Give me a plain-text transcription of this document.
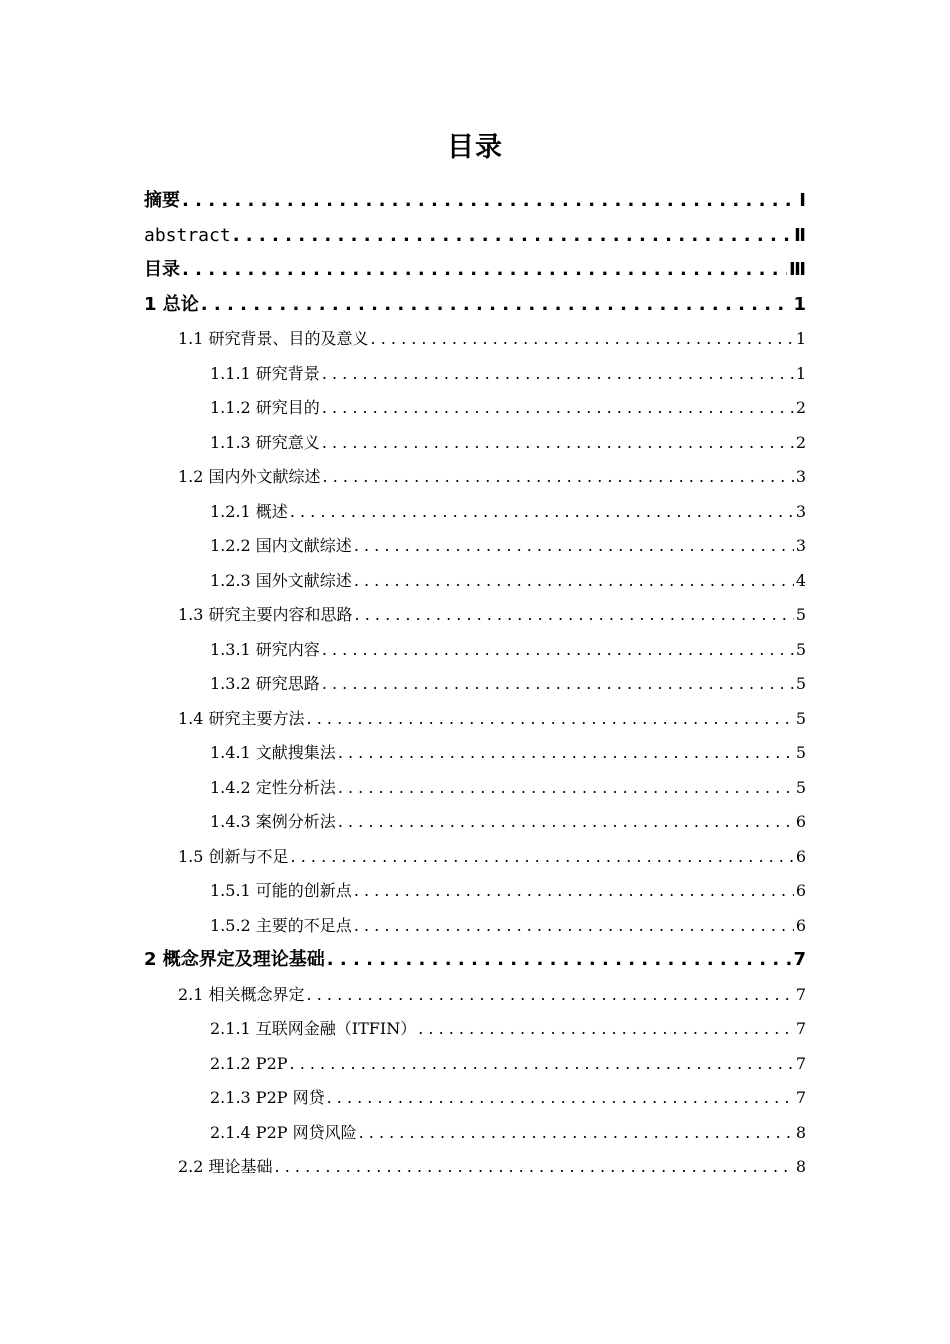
目录
摘要 . . .	Ⅰ
abstract . . .	Ⅱ
目录 . . .	Ⅲ
1 总论 . . .	1
1.1 研究背景、目的及意义 . . .	1
1.1.1 研究背景 . . .	1
1.1.2 研究目的 . . .	2
1.1.3 研究意义 . . .	2
1.2 国内外文献综述 . . .	3
1.2.1 概述 . . .	3
1.2.2 国内文献综述 . . .	3
1.2.3 国外文献综述 . . .	4
1.3 研究主要内容和思路 . . .	5
1.3.1 研究内容 . . .	5
1.3.2 研究思路 . . .	5
1.4 研究主要方法 . . .	5
1.4.1 文献搜集法 . . .	5
1.4.2 定性分析法 . . .	5
1.4.3 案例分析法 . . .	6
1.5 创新与不足 . . .	6
1.5.1 可能的创新点 . . .	6
1.5.2 主要的不足点 . . .	6
2 概念界定及理论基础 . . .	7
2.1 相关概念界定 . . .	7
2.1.1 互联网金融（ITFIN） . . .	7
2.1.2 P2P . . .	7
2.1.3 P2P 网贷 . . .	7
2.1.4 P2P 网贷风险 . . .	8
2.2 理论基础 . . .	8
